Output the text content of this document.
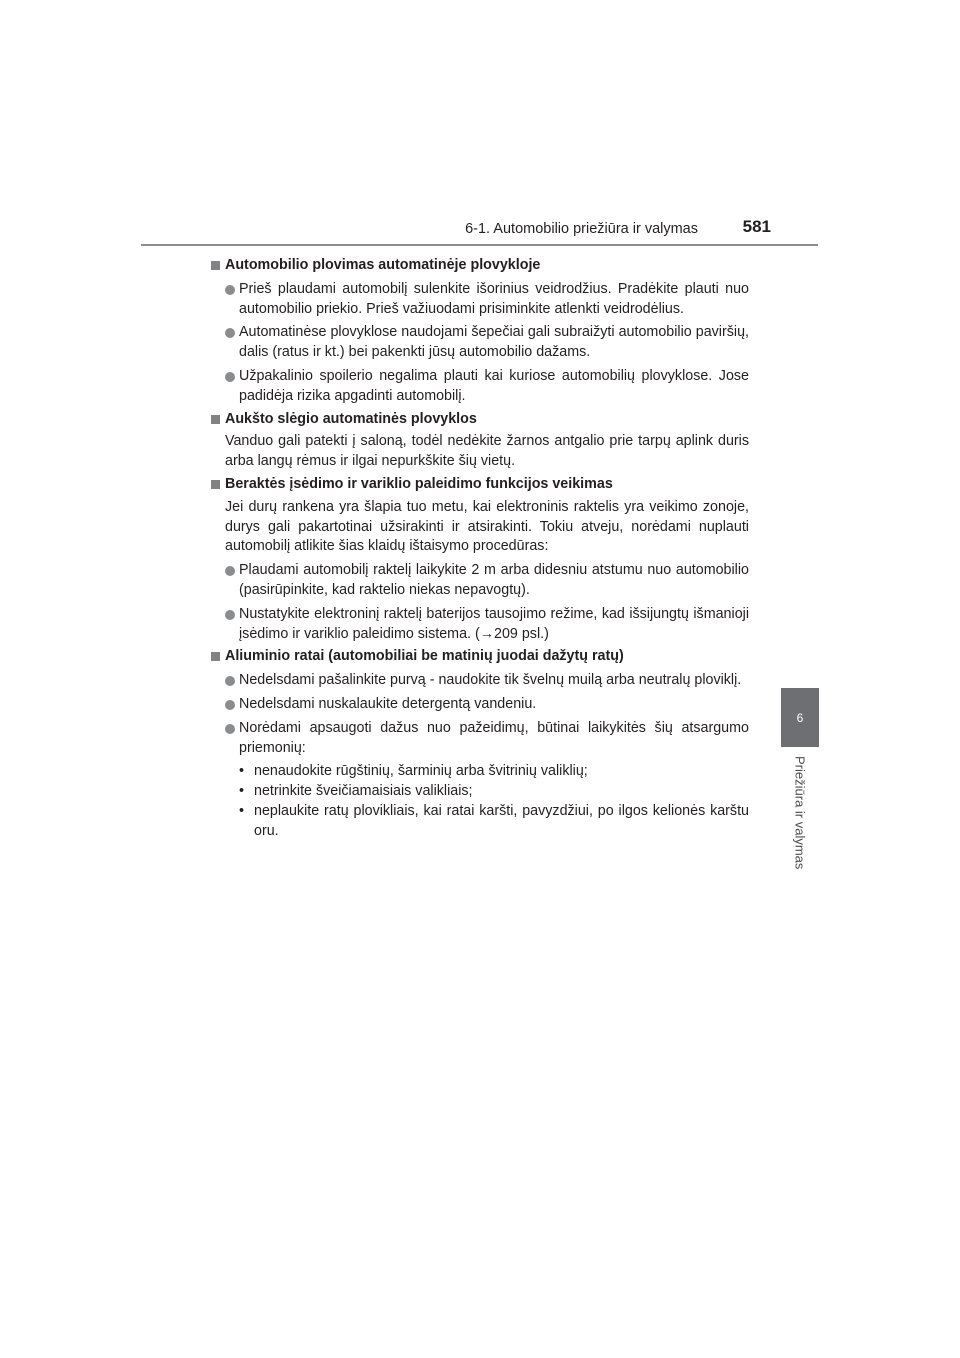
6-1. Automobilio priežiūra ir valymas	581
6
Priežiūra ir valymas
Automobilio plovimas automatinėje plovykloje
Prieš plaudami automobilį sulenkite išorinius veidrodžius. Pradėkite plauti nuo automobilio priekio. Prieš važiuodami prisiminkite atlenkti veidrodėlius.
Automatinėse plovyklose naudojami šepečiai gali subraižyti automobilio paviršių, dalis (ratus ir kt.) bei pakenkti jūsų automobilio dažams.
Užpakalinio spoilerio negalima plauti kai kuriose automobilių plovyklose. Jose padidėja rizika apgadinti automobilį.
Aukšto slėgio automatinės plovyklos
Vanduo gali patekti į saloną, todėl nedėkite žarnos antgalio prie tarpų aplink duris arba langų rėmus ir ilgai nepurkškite šių vietų.
Beraktės įsėdimo ir variklio paleidimo funkcijos veikimas
Jei durų rankena yra šlapia tuo metu, kai elektroninis raktelis yra veikimo zonoje, durys gali pakartotinai užsirakinti ir atsirakinti. Tokiu atveju, norėdami nuplauti automobilį atlikite šias klaidų ištaisymo procedūras:
Plaudami automobilį raktelį laikykite 2 m arba didesniu atstumu nuo automobilio (pasirūpinkite, kad raktelio niekas nepavogtų).
Nustatykite elektroninį raktelį baterijos tausojimo režime, kad išsijungtų išmanioji įsėdimo ir variklio paleidimo sistema. (→209 psl.)
Aliuminio ratai (automobiliai be matinių juodai dažytų ratų)
Nedelsdami pašalinkite purvą - naudokite tik švelnų muilą arba neutralų ploviklį.
Nedelsdami nuskalaukite detergentą vandeniu.
Norėdami apsaugoti dažus nuo pažeidimų, būtinai laikykitės šių atsargumo priemonių:
• nenaudokite rūgštinių, šarminių arba švitrinių valiklių;
• netrinkite šveičiamaisiais valikliais;
• neplaukite ratų plovikliais, kai ratai karšti, pavyzdžiui, po ilgos kelionės karštu oru.
